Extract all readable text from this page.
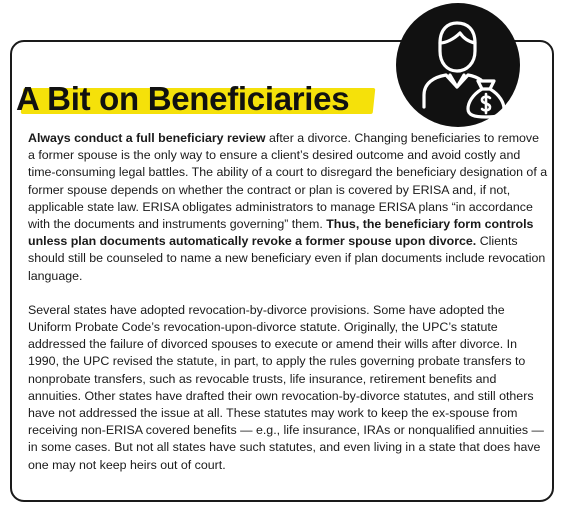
A Bit on Beneficiaries

Always conduct a full beneficiary review after a divorce. Changing beneficiaries to remove a former spouse is the only way to ensure a client’s desired outcome and avoid costly and time-consuming legal battles. The ability of a court to disregard the beneficiary designation of a former spouse depends on whether the contract or plan is covered by ERISA and, if not, applicable state law. ERISA obligates administrators to manage ERISA plans “in accordance with the documents and instruments governing” them. Thus, the beneficiary form controls unless plan documents automatically revoke a former spouse upon divorce. Clients should still be counseled to name a new beneficiary even if plan documents include revocation language.

Several states have adopted revocation-by-divorce provisions. Some have adopted the Uniform Probate Code’s revocation-upon-divorce statute. Originally, the UPC’s statute addressed the failure of divorced spouses to execute or amend their wills after divorce. In 1990, the UPC revised the statute, in part, to apply the rules governing probate transfers to nonprobate transfers, such as revocable trusts, life insurance, retirement benefits and annuities. Other states have drafted their own revocation-by-divorce statutes, and still others have not addressed the issue at all. These statutes may work to keep the ex-spouse from receiving non-ERISA covered benefits — e.g., life insurance, IRAs or nonqualified annuities — in some cases. But not all states have such statutes, and even living in a state that does have one may not keep heirs out of court.
